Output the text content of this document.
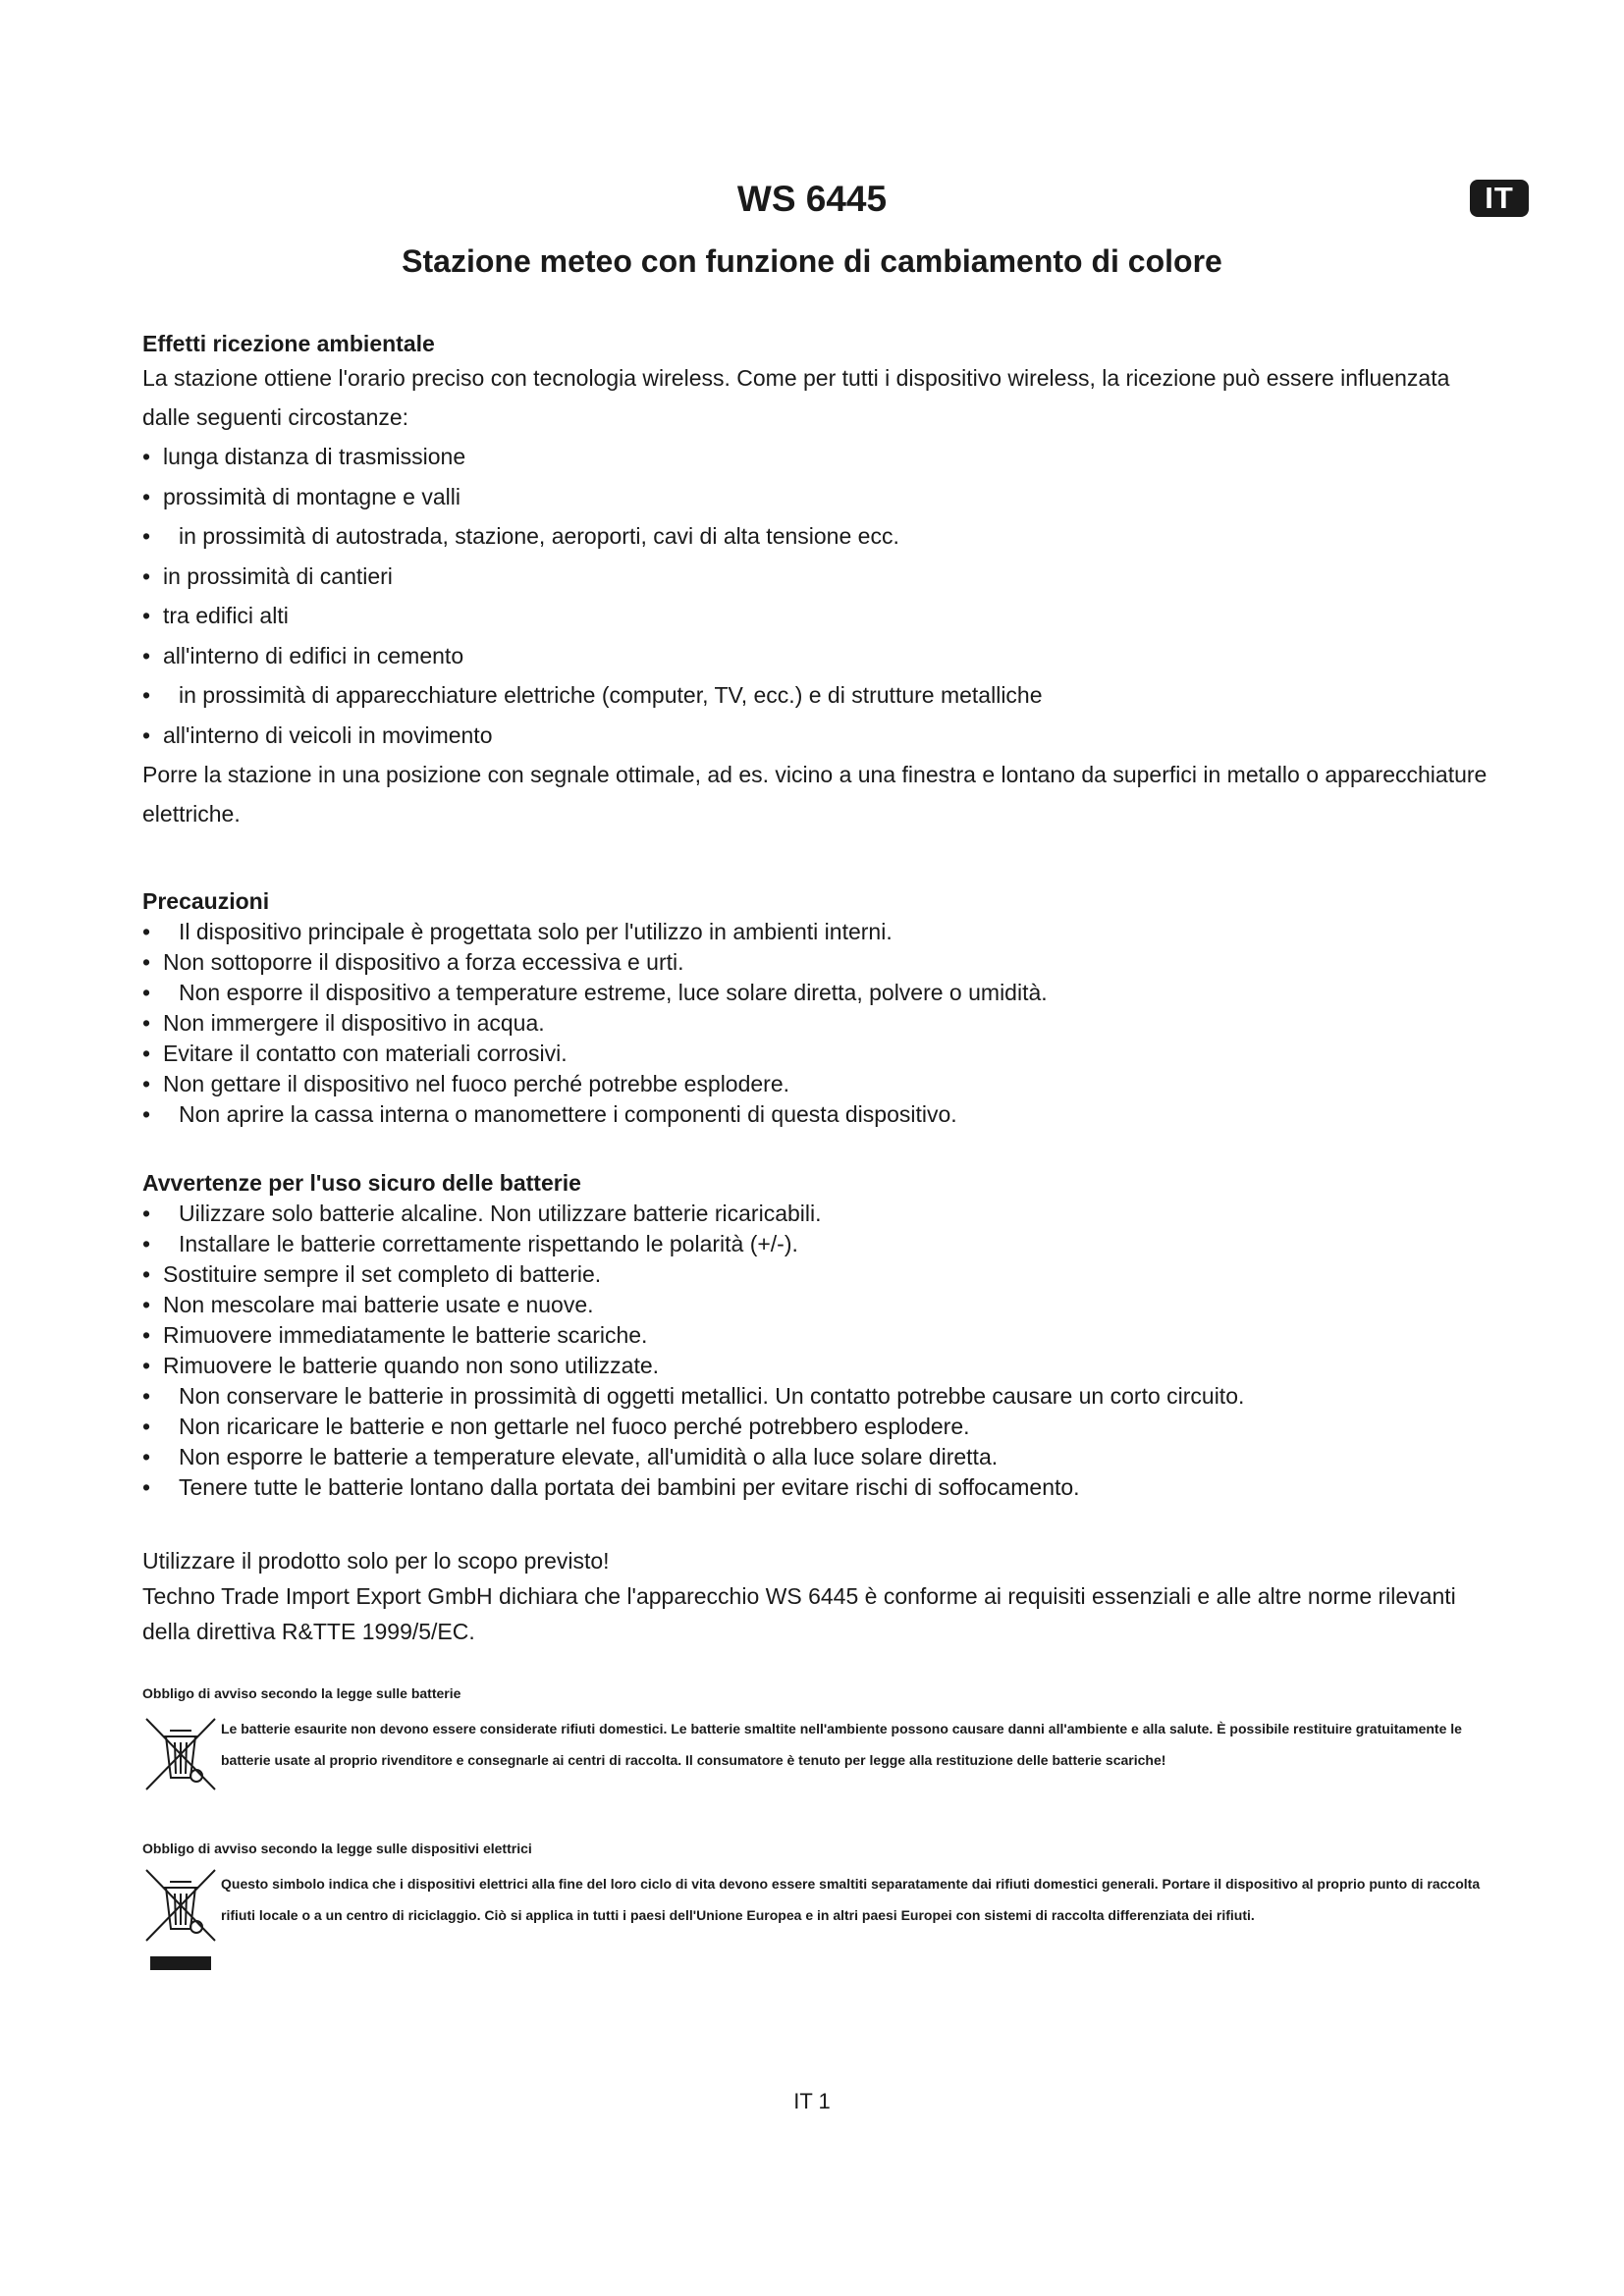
IT
WS 6445
Stazione meteo con funzione di cambiamento di colore

Effetti ricezione ambientale

La stazione ottiene l'orario preciso con tecnologia wireless. Come per tutti i dispositivo wireless, la ricezione può essere influenzata dalle seguenti circostanze:

• lunga distanza di trasmissione
• prossimità di montagne e valli
• in prossimità di autostrada, stazione, aeroporti, cavi di alta tensione ecc.
• in prossimità di cantieri
• tra edifici alti
• all'interno di edifici in cemento
• in prossimità di apparecchiature elettriche (computer, TV, ecc.) e di strutture metalliche
• all'interno di veicoli in movimento

Porre la stazione in una posizione con segnale ottimale, ad es. vicino a una finestra e lontano da superfici in metallo o apparecchiature elettriche.

Precauzioni

• Il dispositivo principale è progettata solo per l'utilizzo in ambienti interni.
• Non sottoporre il dispositivo a forza eccessiva e urti.
• Non esporre il dispositivo a temperature estreme, luce solare diretta, polvere o umidità.
• Non immergere il dispositivo in acqua.
• Evitare il contatto con materiali corrosivi.
• Non gettare il dispositivo nel fuoco perché potrebbe esplodere.
• Non aprire la cassa interna o manomettere i componenti di questa dispositivo.

Avvertenze per l'uso sicuro delle batterie

• Uilizzare solo batterie alcaline. Non utilizzare batterie ricaricabili.
• Installare le batterie correttamente rispettando le polarità (+/-).
• Sostituire sempre il set completo di batterie.
• Non mescolare mai batterie usate e nuove.
• Rimuovere immediatamente le batterie scariche.
• Rimuovere le batterie quando non sono utilizzate.
• Non conservare le batterie in prossimità di oggetti metallici. Un contatto potrebbe causare un corto circuito.
• Non ricaricare le batterie e non gettarle nel fuoco perché potrebbero esplodere.
• Non esporre le batterie a temperature elevate, all'umidità o alla luce solare diretta.
• Tenere tutte le batterie lontano dalla portata dei bambini per evitare rischi di soffocamento.

Utilizzare il prodotto solo per lo scopo previsto!

Techno Trade Import Export GmbH dichiara che l'apparecchio WS 6445 è conforme ai requisiti essenziali e alle altre norme rilevanti della direttiva R&TTE 1999/5/EC.

Obbligo di avviso secondo la legge sulle batterie

Le batterie esaurite non devono essere considerate rifiuti domestici. Le batterie smaltite nell'ambiente possono causare danni all'ambiente e alla salute. È possibile restituire gratuitamente le batterie usate al proprio rivenditore e consegnarle ai centri di raccolta. Il consumatore è tenuto per legge alla restituzione delle batterie scariche!

Obbligo di avviso secondo la legge sulle dispositivi elettrici

Questo simbolo indica che i dispositivi elettrici alla fine del loro ciclo di vita devono essere smaltiti separatamente dai rifiuti domestici generali. Portare il dispositivo al proprio punto di raccolta rifiuti locale o a un centro di riciclaggio. Ciò si applica in tutti i paesi dell'Unione Europea e in altri paesi Europei con sistemi di raccolta differenziata dei rifiuti.

IT 1
